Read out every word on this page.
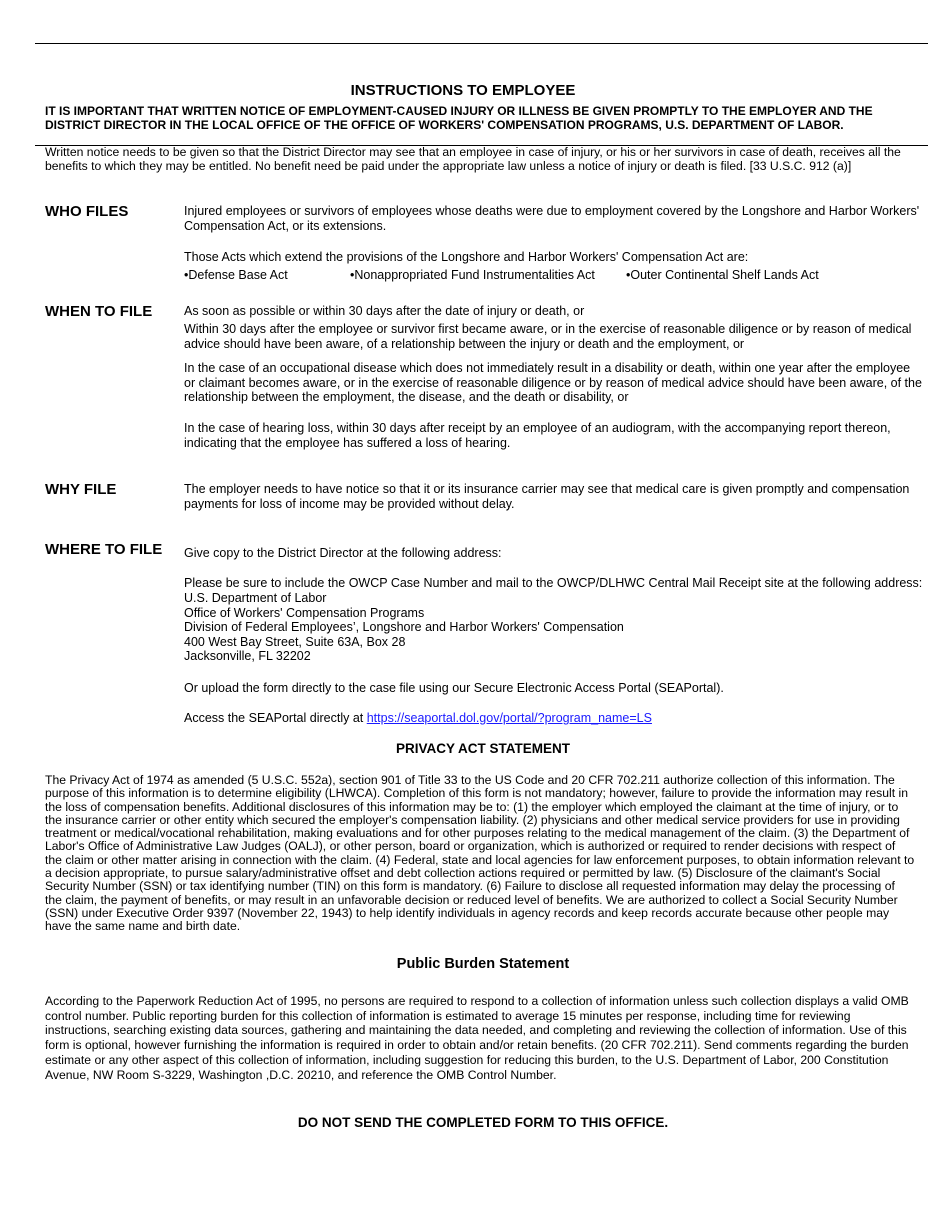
INSTRUCTIONS TO EMPLOYEE
IT IS IMPORTANT THAT WRITTEN NOTICE OF EMPLOYMENT-CAUSED INJURY OR ILLNESS BE GIVEN PROMPTLY TO THE EMPLOYER AND THE DISTRICT DIRECTOR IN THE LOCAL OFFICE OF THE OFFICE OF WORKERS' COMPENSATION PROGRAMS, U.S. DEPARTMENT OF LABOR.
Written notice needs to be given so that the District Director may see that an employee in case of injury, or his or her survivors in case of death, receives all the benefits to which they may be entitled. No benefit need be paid under the appropriate law unless a notice of injury or death is filed. [33 U.S.C. 912 (a)]
WHO FILES	Injured employees or survivors of employees whose deaths were due to employment covered by the Longshore and Harbor Workers' Compensation Act, or its extensions.
Those Acts which extend the provisions of the Longshore and Harbor Workers' Compensation Act are:
•Defense Base Act	•Nonappropriated Fund Instrumentalities Act •Outer Continental Shelf Lands Act
WHEN TO FILE	As soon as possible or within 30 days after the date of injury or death, or
Within 30 days after the employee or survivor first became aware, or in the exercise of reasonable diligence or by reason of medical advice should have been aware, of a relationship between the injury or death and the employment, or
In the case of an occupational disease which does not immediately result in a disability or death, within one year after the employee or claimant becomes aware, or in the exercise of reasonable diligence or by reason of medical advice should have been aware, of the relationship between the employment, the disease, and the death or disability, or
In the case of hearing loss, within 30 days after receipt by an employee of an audiogram, with the accompanying report thereon, indicating that the employee has suffered a loss of hearing.
WHY FILE	The employer needs to have notice so that it or its insurance carrier may see that medical care is given promptly and compensation payments for loss of income may be provided without delay.
WHERE TO FILE Give copy to the District Director at the following address:
Please be sure to include the OWCP Case Number and mail to the OWCP/DLHWC Central Mail Receipt site at the following address:
U.S. Department of Labor
Office of Workers' Compensation Programs
Division of Federal Employees’, Longshore and Harbor Workers' Compensation
400 West Bay Street, Suite 63A, Box 28
Jacksonville, FL 32202
Or upload the form directly to the case file using our Secure Electronic Access Portal (SEAPortal).
Access the SEAPortal directly at https://seaportal.dol.gov/portal/?program_name=LS
PRIVACY ACT STATEMENT
The Privacy Act of 1974 as amended (5 U.S.C. 552a), section 901 of Title 33 to the US Code and 20 CFR 702.211 authorize collection of this information. The purpose of this information is to determine eligibility (LHWCA). Completion of this form is not mandatory; however, failure to provide the information may result in the loss of compensation benefits. Additional disclosures of this information may be to: (1) the employer which employed the claimant at the time of injury, or to the insurance carrier or other entity which secured the employer's compensation liability. (2) physicians and other medical service providers for use in providing treatment or medical/vocational rehabilitation, making evaluations and for other purposes relating to the medical management of the claim. (3) the Department of Labor's Office of Administrative Law Judges (OALJ), or other person, board or organization, which is authorized or required to render decisions with respect of the claim or other matter arising in connection with the claim. (4) Federal, state and local agencies for law enforcement purposes, to obtain information relevant to a decision appropriate, to pursue salary/administrative offset and debt collection actions required or permitted by law. (5) Disclosure of the claimant's Social Security Number (SSN) or tax identifying number (TIN) on this form is mandatory. (6) Failure to disclose all requested information may delay the processing of the claim, the payment of benefits, or may result in an unfavorable decision or reduced level of benefits. We are authorized to collect a Social Security Number (SSN) under Executive Order 9397 (November 22, 1943) to help identify individuals in agency records and keep records accurate because other people may have the same name and birth date.
Public Burden Statement
According to the Paperwork Reduction Act of 1995, no persons are required to respond to a collection of information unless such collection displays a valid OMB control number. Public reporting burden for this collection of information is estimated to average 15 minutes per response, including time for reviewing instructions, searching existing data sources, gathering and maintaining the data needed, and completing and reviewing the collection of information. Use of this form is optional, however furnishing the information is required in order to obtain and/or retain benefits. (20 CFR 702.211). Send comments regarding the burden estimate or any other aspect of this collection of information, including suggestion for reducing this burden, to the U.S. Department of Labor, 200 Constitution Avenue, NW Room S-3229, Washington ,D.C. 20210, and reference the OMB Control Number.
DO NOT SEND THE COMPLETED FORM TO THIS OFFICE.
